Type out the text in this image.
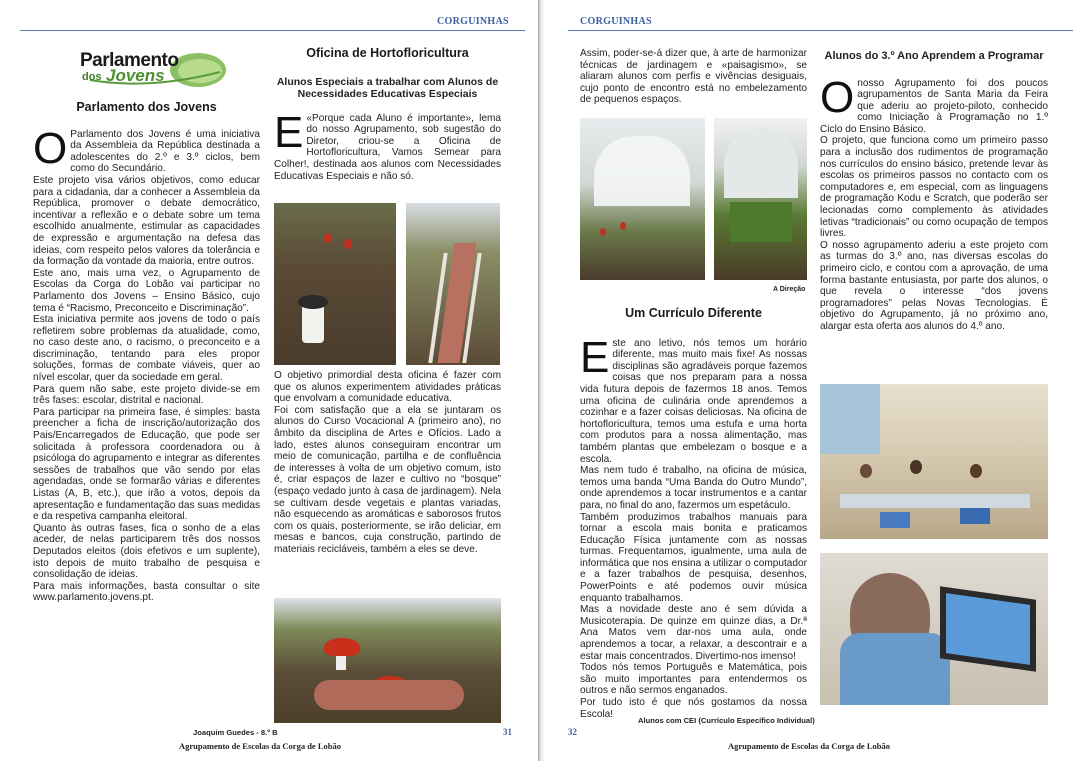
CORGUINHAS
Parlamento
dos Jovens
Parlamento dos Jovens

O Parlamento dos Jovens é uma iniciativa da Assembleia da República destinada a adolescentes do 2.º e 3.º ciclos, bem como do Secundário.

Este projeto visa vários objetivos, como educar para a cidadania, dar a conhecer a Assembleia da República, promover o debate democrático, incentivar a reflexão e o debate sobre um tema escolhido anualmente, estimular as capacidades de expressão e argumentação na defesa das ideias, com respeito pelos valores da tolerância e da formação da vontade da maioria, entre outros.

Este ano, mais uma vez, o Agrupamento de Escolas da Corga do Lobão vai participar no Parlamento dos Jovens – Ensino Básico, cujo tema é “Racismo, Preconceito e Discriminação”.

Esta iniciativa permite aos jovens de todo o país refletirem sobre problemas da atualidade, como, no caso deste ano, o racismo, o preconceito e a discriminação, tentando para eles propor soluções, formas de combate viáveis, quer ao nível escolar, quer da sociedade em geral.

Para quem não sabe, este projeto divide-se em três fases: escolar, distrital e nacional.

Para participar na primeira fase, é simples: basta preencher a ficha de inscrição/autorização dos Pais/Encarregados de Educação, que pode ser solicitada à professora coordenadora ou à psicóloga do agrupamento e integrar as diferentes sessões de trabalhos que vão sendo por elas agendadas, onde se formarão várias e diferentes Listas (A, B, etc.), que irão a votos, depois da apresentação e fundamentação das suas medidas e da respetiva campanha eleitoral.

Quanto às outras fases, fica o sonho de a elas aceder, de nelas participarem três dos nossos Deputados eleitos (dois efetivos e um suplente), isto depois de muito trabalho de pesquisa e consolidação de ideias.

Para mais informações, basta consultar o site www.parlamento.jovens.pt.

Oficina de Hortofloricultura
Alunos Especiais a trabalhar com Alunos de Necessidades Educativas Especiais

E «Porque cada Aluno é importante», lema do nosso Agrupamento, sob sugestão do Diretor, criou-se a Oficina de Hortofloricultura, Vamos Semear para Colher!, destinada aos alunos com Necessidades Educativas Especiais e não só.

O objetivo primordial desta oficina é fazer com que os alunos experimentem atividades práticas que envolvam a comunidade educativa.

Foi com satisfação que a ela se juntaram os alunos do Curso Vocacional A (primeiro ano), no âmbito da disciplina de Artes e Ofícios. Lado a lado, estes alunos conseguiram encontrar um meio de comunicação, partilha e de confluência de interesses à volta de um objetivo comum, isto é, criar espaços de lazer e cultivo no “bosque” (espaço vedado junto à casa de jardinagem). Nela se cultivam desde vegetais e plantas variadas, não esquecendo as aromáticas e saborosos frutos com os quais, posteriormente, se irão deliciar, em mesas e bancos, cuja construção, partindo de materiais recicláveis, também a eles se deve.

Joaquim Guedes - 8.º B
Agrupamento de Escolas da Corga de Lobão
31
CORGUINHAS

Assim, poder-se-á dizer que, à arte de harmonizar técnicas de jardinagem e «paisagismo», se aliaram alunos com perfis e vivências desiguais, cujo ponto de encontro está no embelezamento de pequenos espaços.

A Direção
Um Currículo Diferente

Este ano letivo, nós temos um horário diferente, mas muito mais fixe! As nossas disciplinas são agradáveis porque fazemos coisas que nos preparam para a nossa vida futura depois de fazermos 18 anos. Temos uma oficina de culinária onde aprendemos a cozinhar e a fazer coisas deliciosas. Na oficina de hortofloricultura, temos uma estufa e uma horta com produtos para a nossa alimentação, mas também plantas que embelezam o bosque e a escola.

Mas nem tudo é trabalho, na oficina de música, temos uma banda “Uma Banda do Outro Mundo”, onde aprendemos a tocar instrumentos e a cantar para, no final do ano, fazermos um espetáculo.

Também produzimos trabalhos manuais para tornar a escola mais bonita e praticamos Educação Física juntamente com as nossas turmas. Frequentamos, igualmente, uma aula de informática que nos ensina a utilizar o computador e a fazer trabalhos de pesquisa, desenhos, PowerPoints e até podemos ouvir música enquanto trabalhamos.

Mas a novidade deste ano é sem dúvida a Musicoterapia. De quinze em quinze dias, a Dr.ª Ana Matos vem dar-nos uma aula, onde aprendemos a tocar, a relaxar, a descontrair e a estar mais concentrados. Divertimo-nos imenso!

Todos nós temos Português e Matemática, pois são muito importantes para entendermos os outros e não sermos enganados.

Por tudo isto é que nós gostamos da nossa Escola!

Alunos do 3.º Ano Aprendem a Programar

Onosso Agrupamento foi dos poucos agrupamentos de Santa Maria da Feira que aderiu ao projeto-piloto, conhecido como Iniciação à Programação no 1.º Ciclo do Ensino Básico.

O projeto, que funciona como um primeiro passo para a inclusão dos rudimentos de programação nos currículos do ensino básico, pretende levar às escolas os primeiros passos no contacto com os computadores e, em especial, com as linguagens de programação Kodu e Scratch, que poderão ser lecionadas como complemento às atividades letivas “tradicionais” ou como ocupação de tempos livres.

O nosso agrupamento aderiu a este projeto com as turmas do 3.º ano, nas diversas escolas do primeiro ciclo, e contou com a aprovação, de uma forma bastante entusiasta, por parte dos alunos, o que revela o interesse “dos jovens programadores” pelas Novas Tecnologias. É objetivo do Agrupamento, já no próximo ano, alargar esta oferta aos alunos do 4.º ano.

Alunos com CEI (Currículo Específico Individual)
32
Agrupamento de Escolas da Corga de Lobão
